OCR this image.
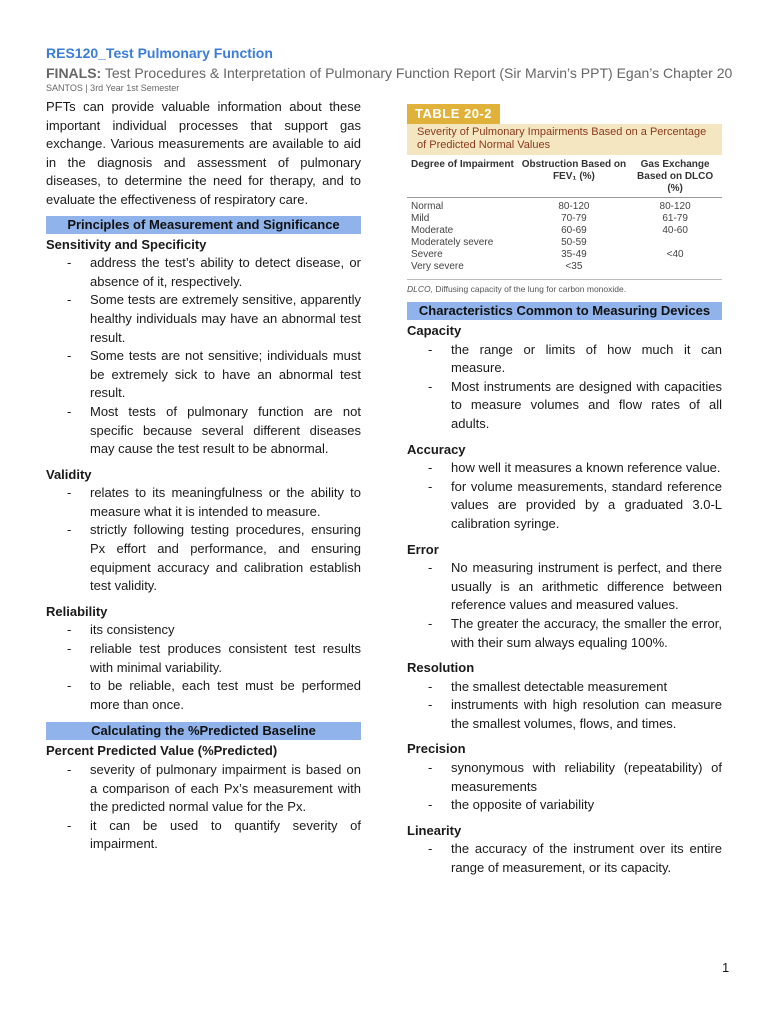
RES120_Test Pulmonary Function
FINALS: Test Procedures & Interpretation of Pulmonary Function Report (Sir Marvin’s PPT) Egan’s Chapter 20
SANTOS | 3rd Year 1st Semester

PFTs can provide valuable information about these important individual processes that support gas exchange. Various measurements are available to aid in the diagnosis and assessment of pulmonary diseases, to determine the need for therapy, and to evaluate the effectiveness of respiratory care.

Principles of Measurement and Significance
Sensitivity and Specificity
- address the test’s ability to detect disease, or absence of it, respectively.
- Some tests are extremely sensitive, apparently healthy individuals may have an abnormal test result.
- Some tests are not sensitive; individuals must be extremely sick to have an abnormal test result.
- Most tests of pulmonary function are not specific because several different diseases may cause the test result to be abnormal.
Validity
- relates to its meaningfulness or the ability to measure what it is intended to measure.
- strictly following testing procedures, ensuring Px effort and performance, and ensuring equipment accuracy and calibration establish test validity.
Reliability
- its consistency
- reliable test produces consistent test results with minimal variability.
- to be reliable, each test must be performed more than once.
Calculating the %Predicted Baseline
Percent Predicted Value (%Predicted)
- severity of pulmonary impairment is based on a comparison of each Px’s measurement with the predicted normal value for the Px.
- it can be used to quantify severity of impairment.
TABLE 20-2
Severity of Pulmonary Impairments Based on a Percentage of Predicted Normal Values
Degree of Impairment Obstruction Based on FEV₁ (%)
Gas Exchange Based on DLCO (%)
Normal	80-120	80-120
Mild	70-79	61-79
Moderate	60-69	40-60
Moderately severe	50-59
Severe	35-49	<40
Very severe	<35
DLCO, Diffusing capacity of the lung for carbon monoxide.
Characteristics Common to Measuring Devices
Capacity
- the range or limits of how much it can measure.
- Most instruments are designed with capacities to measure volumes and flow rates of all adults.
Accuracy
- how well it measures a known reference value.
- for volume measurements, standard reference values are provided by a graduated 3.0-L calibration syringe.
Error
- No measuring instrument is perfect, and there usually is an arithmetic difference between reference values and measured values.
- The greater the accuracy, the smaller the error, with their sum always equaling 100%.
Resolution
- the smallest detectable measurement
- instruments with high resolution can measure the smallest volumes, flows, and times.
Precision
- synonymous with reliability (repeatability) of measurements
- the opposite of variability
Linearity
- the accuracy of the instrument over its entire range of measurement, or its capacity.
1
